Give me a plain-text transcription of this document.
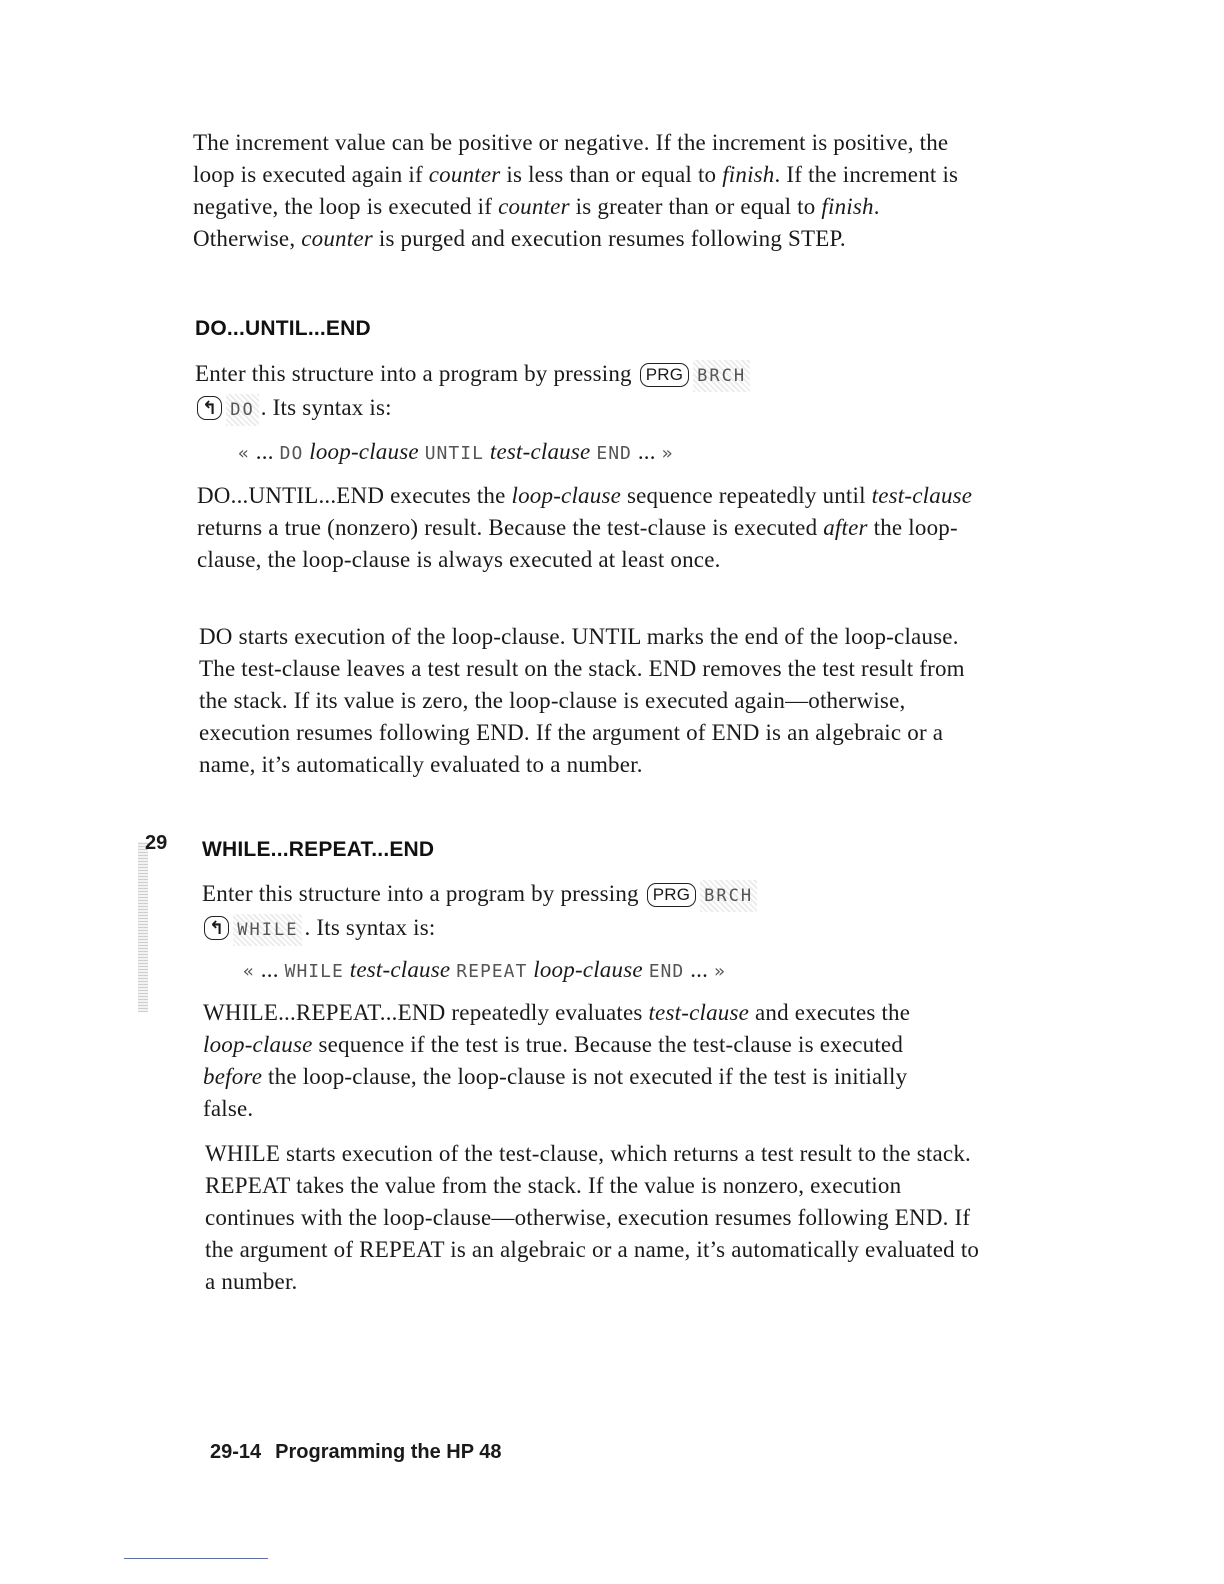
The increment value can be positive or negative. If the increment is positive, the loop is executed again if counter is less than or equal to finish. If the increment is negative, the loop is executed if counter is greater than or equal to finish. Otherwise, counter is purged and execution resumes following STEP.

DO...UNTIL...END

Enter this structure into a program by pressing PRG BRCH
↰ DO . Its syntax is:

« ... DO loop-clause UNTIL test-clause END ... »

DO...UNTIL...END executes the loop-clause sequence repeatedly until test-clause returns a true (nonzero) result. Because the test-clause is executed after the loop-clause, the loop-clause is always executed at least once.

DO starts execution of the loop-clause. UNTIL marks the end of the loop-clause. The test-clause leaves a test result on the stack. END removes the test result from the stack. If its value is zero, the loop-clause is executed again—otherwise, execution resumes following END. If the argument of END is an algebraic or a name, it’s automatically evaluated to a number.

29 WHILE...REPEAT...END

Enter this structure into a program by pressing PRG BRCH
↰ WHILE . Its syntax is:

« ... WHILE test-clause REPEAT loop-clause END ... »

WHILE...REPEAT...END repeatedly evaluates test-clause and executes the loop-clause sequence if the test is true. Because the test-clause is executed before the loop-clause, the loop-clause is not executed if the test is initially false.

WHILE starts execution of the test-clause, which returns a test result to the stack. REPEAT takes the value from the stack. If the value is nonzero, execution continues with the loop-clause—otherwise, execution resumes following END. If the argument of REPEAT is an algebraic or a name, it’s automatically evaluated to a number.

29-14 Programming the HP 48
